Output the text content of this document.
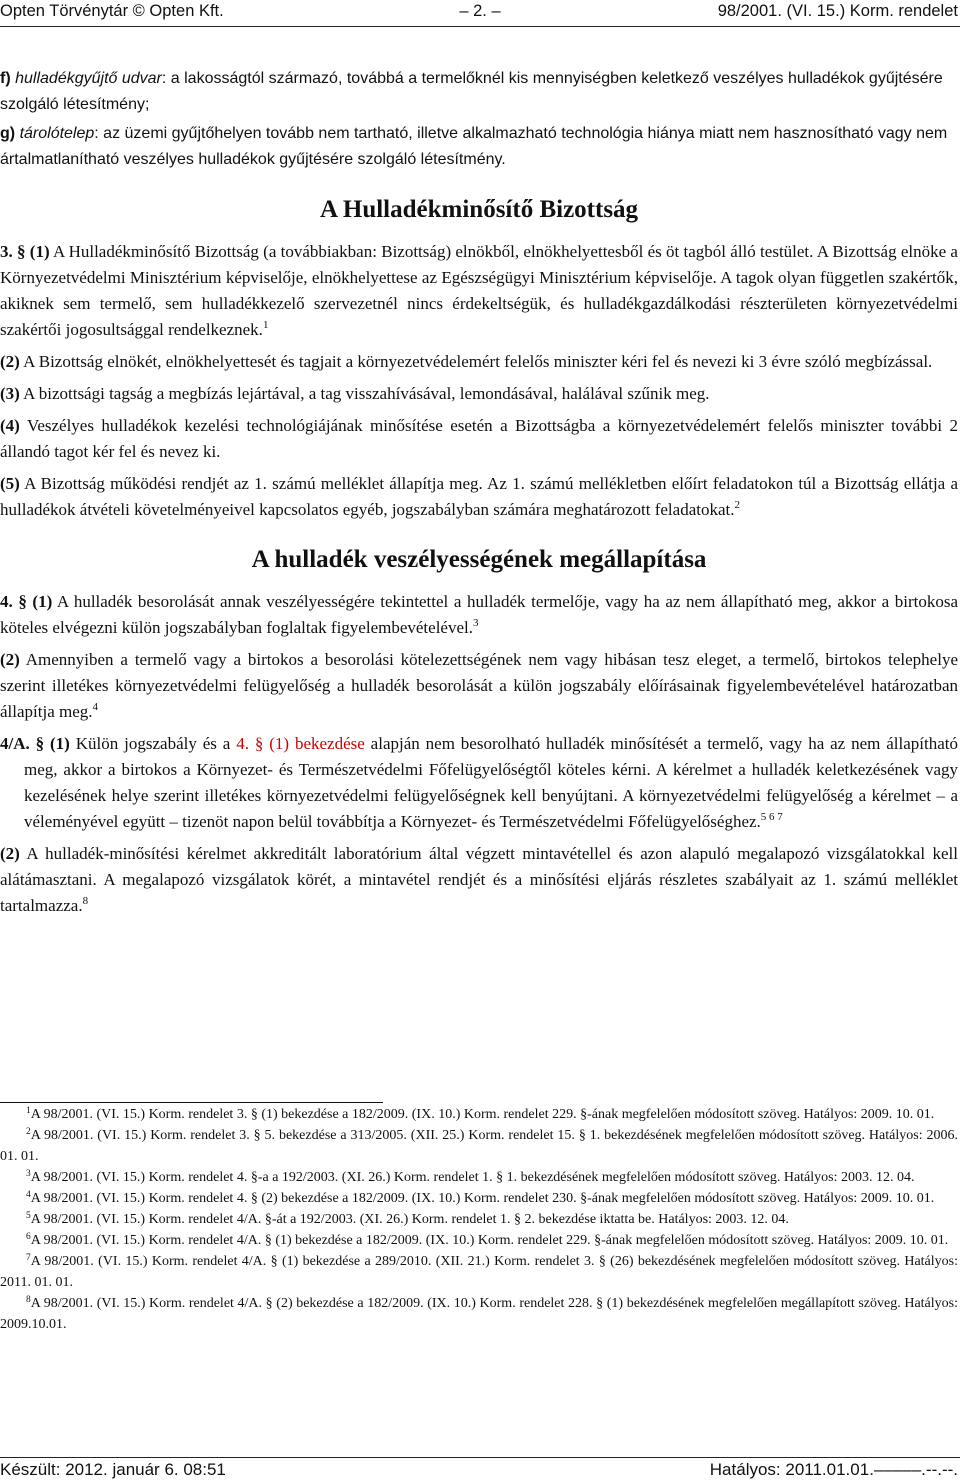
Opten Törvénytár © Opten Kft.	– 2. –	98/2001. (VI. 15.) Korm. rendelet

f) hulladékgyűjtő udvar: a lakosságtól származó, továbbá a termelőknél kis mennyiségben keletkező veszélyes hulladékok gyűjtésére szolgáló létesítmény;

g) tárolótelep: az üzemi gyűjtőhelyen tovább nem tartható, illetve alkalmazható technológia hiánya miatt nem hasznosítható vagy nem ártalmatlanítható veszélyes hulladékok gyűjtésére szolgáló létesítmény.

A Hulladékminősítő Bizottság

3. § (1) A Hulladékminősítő Bizottság (a továbbiakban: Bizottság) elnökből, elnökhelyettesből és öt tagból álló testület. A Bizottság elnöke a Környezetvédelmi Minisztérium képviselője, elnökhelyettese az Egészségügyi Minisztérium képviselője. A tagok olyan független szakértők, akiknek sem termelő, sem hulladékkezelő szervezetnél nincs érdekeltségük, és hulladékgazdálkodási részterületen környezetvédelmi szakértői jogosultsággal rendelkeznek.$^1$

(2) A Bizottság elnökét, elnökhelyettesét és tagjait a környezetvédelemért felelős miniszter kéri fel és nevezi ki 3 évre szóló megbízással.

(3) A bizottsági tagság a megbízás lejártával, a tag visszahívásával, lemondásával, halálával szűnik meg.

(4) Veszélyes hulladékok kezelési technológiájának minősítése esetén a Bizottságba a környezetvédelemért felelős miniszter további 2 állandó tagot kér fel és nevez ki.

(5) A Bizottság működési rendjét az 1. számú melléklet állapítja meg. Az 1. számú mellékletben előírt feladatokon túl a Bizottság ellátja a hulladékok átvételi követelményeivel kapcsolatos egyéb, jogszabályban számára meghatározott feladatokat.$^2$

A hulladék veszélyességének megállapítása

4. § (1) A hulladék besorolását annak veszélyességére tekintettel a hulladék termelője, vagy ha az nem állapítható meg, akkor a birtokosa köteles elvégezni külön jogszabályban foglaltak figyelembevételével.$^3$

(2) Amennyiben a termelő vagy a birtokos a besorolási kötelezettségének nem vagy hibásan tesz eleget, a termelő, birtokos telephelye szerint illetékes környezetvédelmi felügyelőség a hulladék besorolását a külön jogszabály előírásainak figyelembevételével határozatban állapítja meg.$^4$

4/A. § (1) Külön jogszabály és a 4. § (1) bekezdése alapján nem besorolható hulladék minősítését a termelő, vagy ha az nem állapítható meg, akkor a birtokos a Környezet- és Természetvédelmi Főfelügyelőségtől köteles kérni. A kérelmet a hulladék keletkezésének vagy kezelésének helye szerint illetékes környezetvédelmi felügyelőségnek kell benyújtani. A környezetvédelmi felügyelőség a kérelmet – a véleményével együtt – tizenöt napon belül továbbítja a Környezet- és Természetvédelmi Főfelügyelőséghez.$^{5 6 7}$

(2) A hulladék-minősítési kérelmet akkreditált laboratórium által végzett mintavétellel és azon alapuló megalapozó vizsgálatokkal kell alátámasztani. A megalapozó vizsgálatok körét, a mintavétel rendjét és a minősítési eljárás részletes szabályait az 1. számú melléklet tartalmazza.$^8$

$^1$A 98/2001. (VI. 15.) Korm. rendelet 3. § (1) bekezdése a 182/2009. (IX. 10.) Korm. rendelet 229. §-ának megfelelően módosított szöveg. Hatályos: 2009. 10. 01.

$^2$A 98/2001. (VI. 15.) Korm. rendelet 3. § 5. bekezdése a 313/2005. (XII. 25.) Korm. rendelet 15. § 1. bekezdésének megfelelően módosított szöveg. Hatályos: 2006. 01. 01.

$^3$A 98/2001. (VI. 15.) Korm. rendelet 4. §-a a 192/2003. (XI. 26.) Korm. rendelet 1. § 1. bekezdésének megfelelően módosított szöveg. Hatályos: 2003. 12. 04.

$^4$A 98/2001. (VI. 15.) Korm. rendelet 4. § (2) bekezdése a 182/2009. (IX. 10.) Korm. rendelet 230. §-ának megfelelően módosított szöveg. Hatályos: 2009. 10. 01.

$^5$A 98/2001. (VI. 15.) Korm. rendelet 4/A. §-át a 192/2003. (XI. 26.) Korm. rendelet 1. § 2. bekezdése iktatta be. Hatályos: 2003. 12. 04.

$^6$A 98/2001. (VI. 15.) Korm. rendelet 4/A. § (1) bekezdése a 182/2009. (IX. 10.) Korm. rendelet 229. §-ának megfelelően módosított szöveg. Hatályos: 2009. 10. 01.

$^7$A 98/2001. (VI. 15.) Korm. rendelet 4/A. § (1) bekezdése a 289/2010. (XII. 21.) Korm. rendelet 3. § (26) bekezdésének megfelelően módosított szöveg. Hatályos: 2011. 01. 01.

$^8$A 98/2001. (VI. 15.) Korm. rendelet 4/A. § (2) bekezdése a 182/2009. (IX. 10.) Korm. rendelet 228. § (1) bekezdésének megfelelően megállapított szöveg. Hatályos: 2009.10.01.

Készült: 2012. január 6. 08:51	Hatályos: 2011.01.01.–––––.--.--.
